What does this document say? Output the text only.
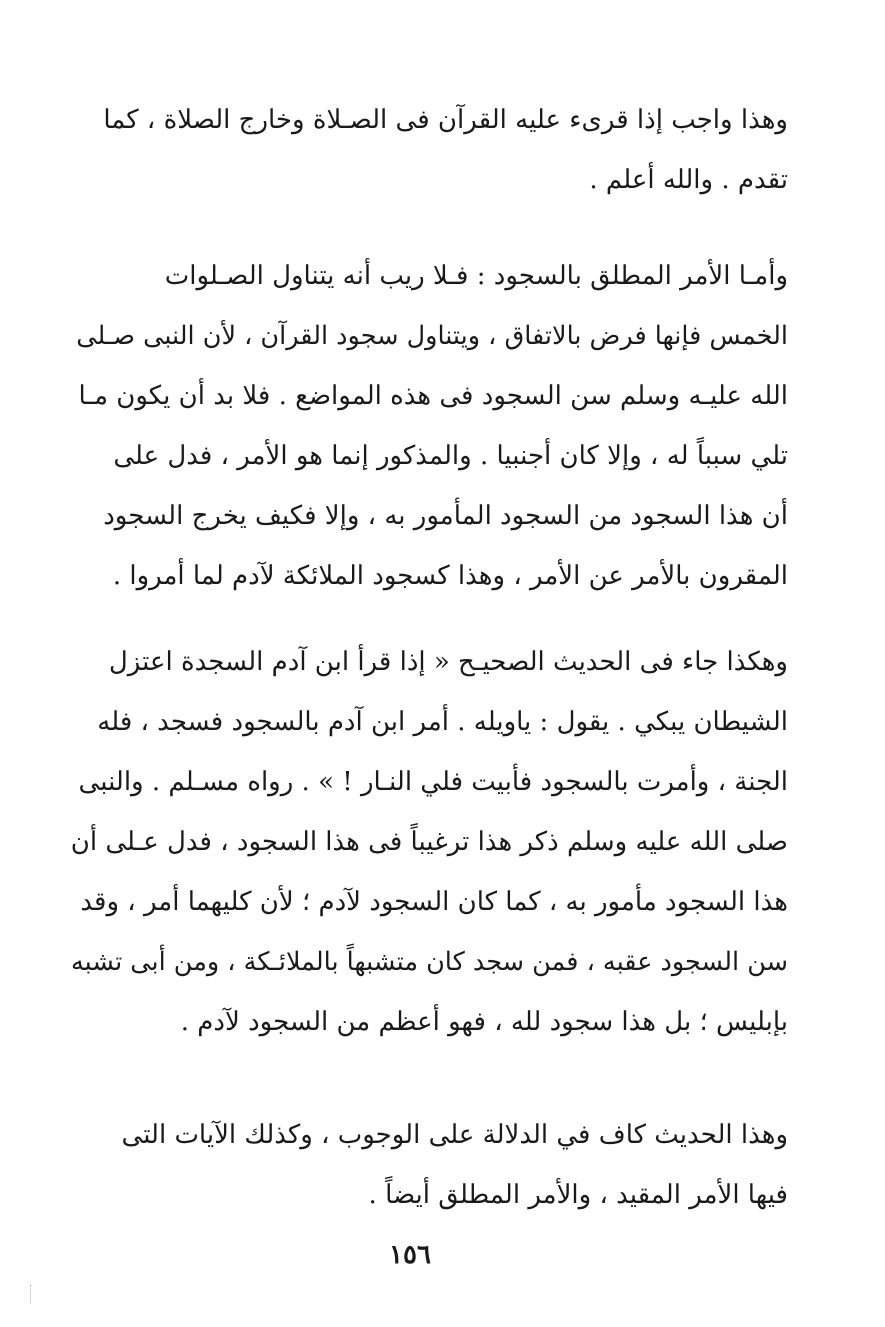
وهذا واجب إذا قرىء عليه القرآن فى الصـلاة وخارج الصلاة ، كما
تقدم . والله أعلم .
وأمـا الأمر المطلق بالسجود : فـلا ريب أنه يتناول الصـلوات
الخمس فإنها فرض بالاتفاق ، ويتناول سجود القرآن ، لأن النبى صـلى
الله عليـه وسلم سن السجود فى هذه المواضع . فلا بد أن يكون مـا
تلي سبباً له ، وإلا كان أجنبيا . والمذكور إنما هو الأمر ، فدل على
أن هذا السجود من السجود المأمور به ، وإلا فكيف يخرج السجود
المقرون بالأمر عن الأمر ، وهذا كسجود الملائكة لآدم لما أمروا .
وهكذا جاء فى الحديث الصحيـح « إذا قرأ ابن آدم السجدة اعتزل
الشيطان يبكي . يقول : ياويله . أمر ابن آدم بالسجود فسجد ، فله
الجنة ، وأمرت بالسجود فأبيت فلي النـار ! » . رواه مسـلم . والنبى
صلى الله عليه وسلم ذكر هذا ترغيباً فى هذا السجود ، فدل عـلى أن
هذا السجود مأمور به ، كما كان السجود لآدم ؛ لأن كليهما أمر ، وقد
سن السجود عقبه ، فمن سجد كان متشبهاً بالملائـكة ، ومن أبى تشبه
بإبليس ؛ بل هذا سجود لله ، فهو أعظم من السجود لآدم .
وهذا الحديث كاف في الدلالة على الوجوب ، وكذلك الآيات التى
فيها الأمر المقيد ، والأمر المطلق أيضاً .
١٥٦
